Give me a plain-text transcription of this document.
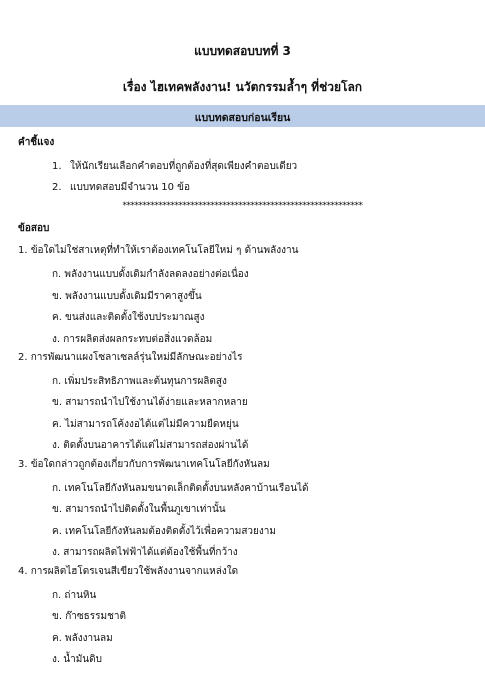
แบบทดสอบบทที่ 3
เรื่อง ไฮเทคพลังงาน! นวัตกรรมล้ำๆ ที่ช่วยโลก
แบบทดสอบก่อนเรียน
คำชี้แจง
1. ให้นักเรียนเลือกคำตอบที่ถูกต้องที่สุดเพียงคำตอบเดียว
2. แบบทดสอบมีจำนวน 10 ข้อ
************************************************************
ข้อสอบ
1. ข้อใดไม่ใช่สาเหตุที่ทำให้เราต้องเทคโนโลยีใหม่ ๆ ด้านพลังงาน
ก. พลังงานแบบดั้งเดิมกำลังลดลงอย่างต่อเนื่อง
ข. พลังงานแบบดั้งเดิมมีราคาสูงขึ้น
ค. ขนส่งและติดตั้งใช้งบประมาณสูง
ง. การผลิตส่งผลกระทบต่อสิ่งแวดล้อม
2. การพัฒนาแผงโซลาเซลล์รุ่นใหม่มีลักษณะอย่างไร
ก. เพิ่มประสิทธิภาพและต้นทุนการผลิตสูง
ข. สามารถนำไปใช้งานได้ง่ายและหลากหลาย
ค. ไม่สามารถโค้งงอได้แต่ไม่มีความยืดหยุ่น
ง. ติดตั้งบนอาคารได้แต่ไม่สามารถส่องผ่านได้
3. ข้อใดกล่าวถูกต้องเกี่ยวกับการพัฒนาเทคโนโลยีกังหันลม
ก. เทคโนโลยีกังหันลมขนาดเล็กติดตั้งบนหลังคาบ้านเรือนได้
ข. สามารถนำไปติดตั้งในพื้นภูเขาเท่านั้น
ค. เทคโนโลยีกังหันลมต้องติดตั้งไว้เพื่อความสวยงาม
ง. สามารถผลิตไฟฟ้าได้แต่ต้องใช้พื้นที่กว้าง
4. การผลิตไฮโดรเจนสีเขียวใช้พลังงานจากแหล่งใด
ก. ถ่านหิน
ข. ก๊าซธรรมชาติ
ค. พลังงานลม
ง. น้ำมันดิบ
